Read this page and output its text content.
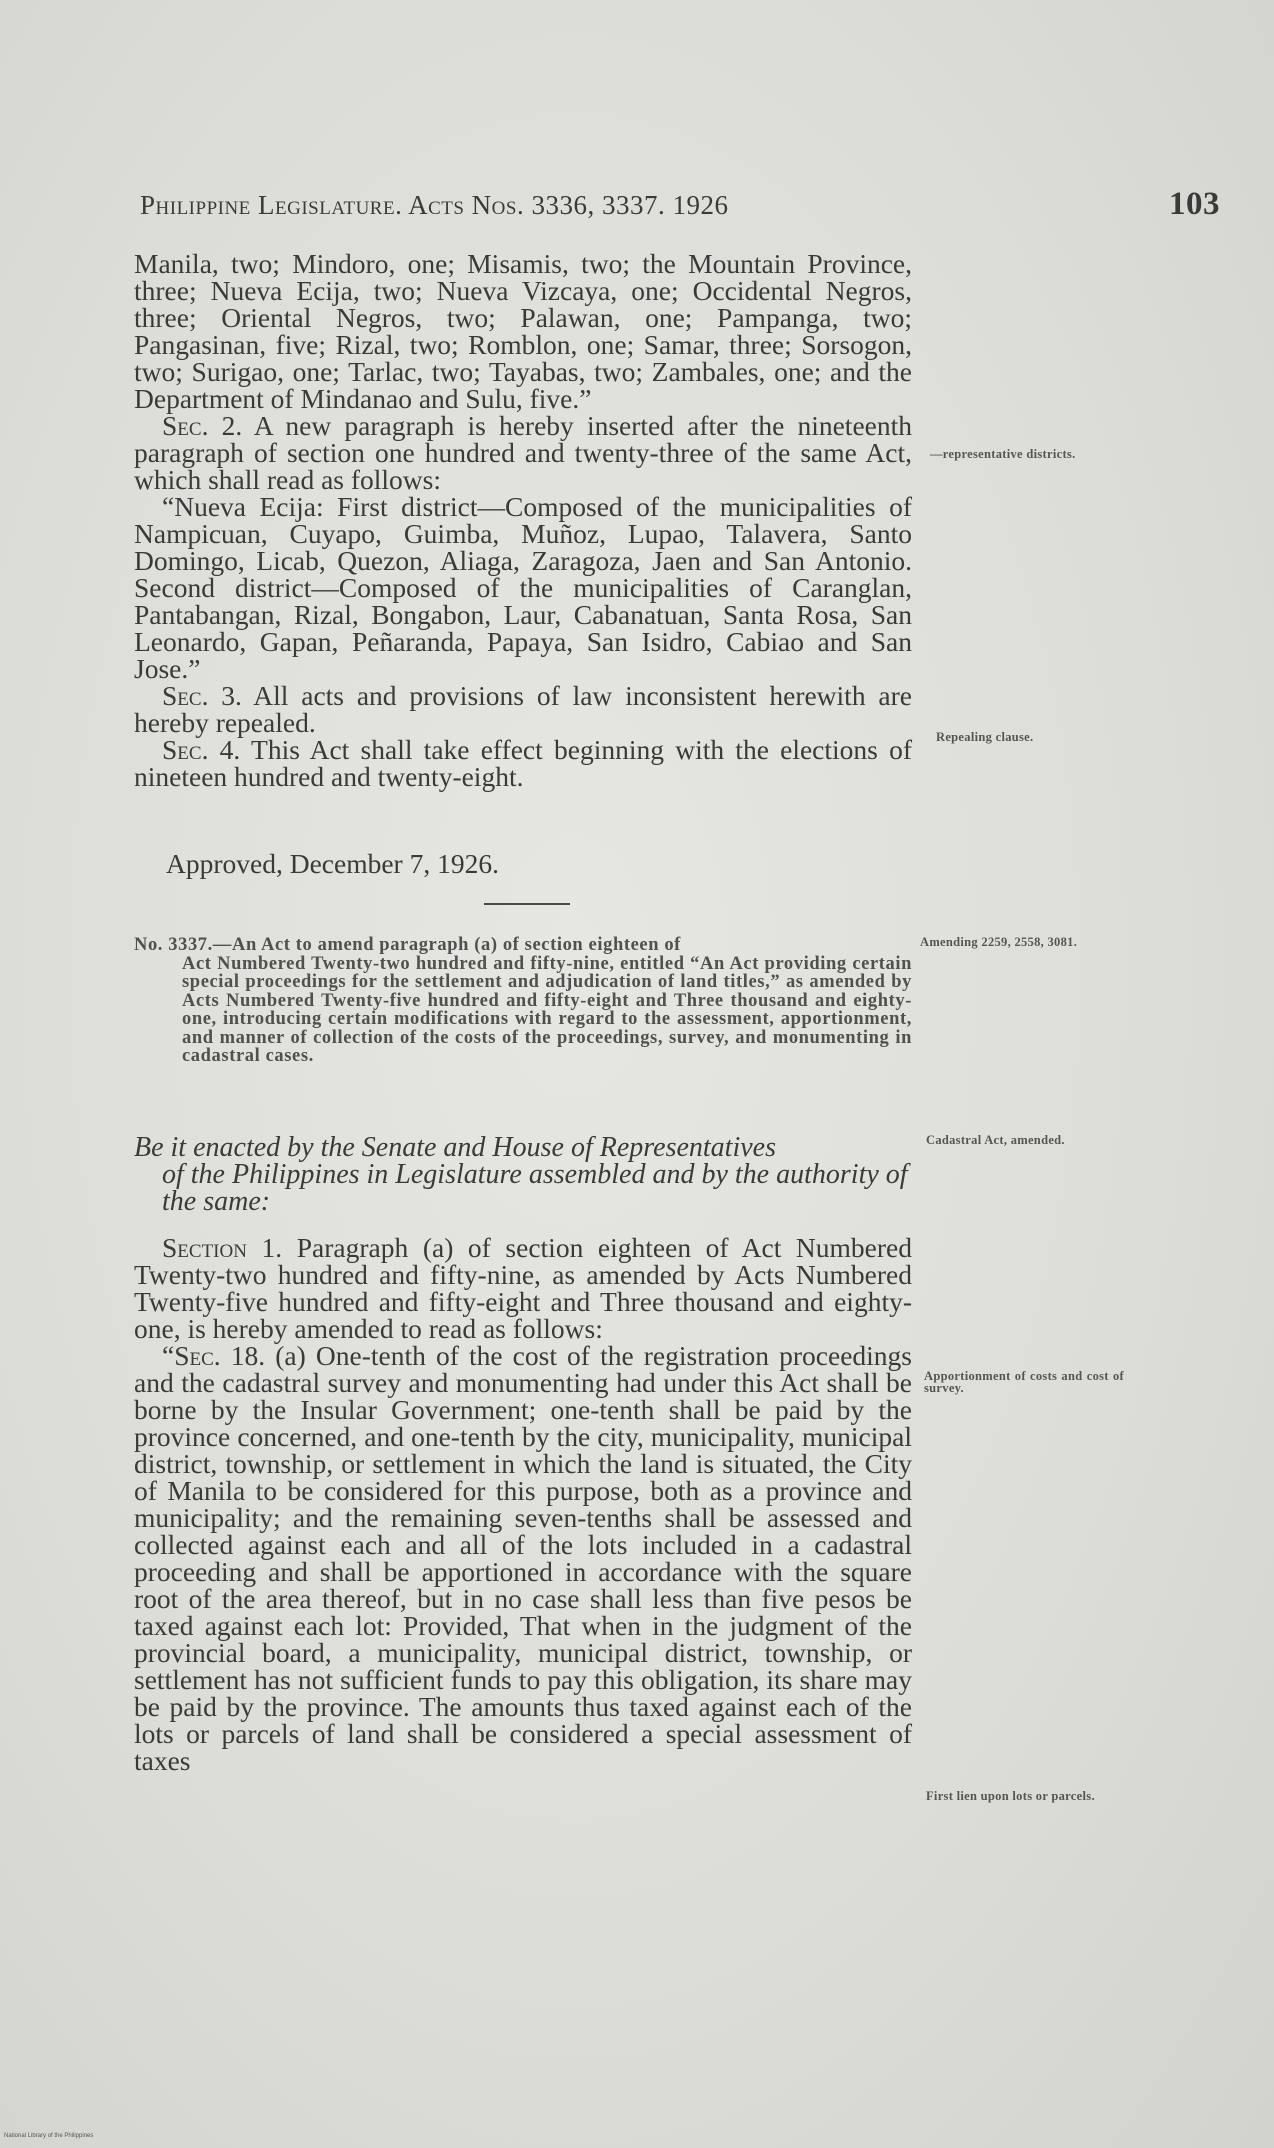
Philippine Legislature. Acts Nos. 3336, 3337. 1926	103

Manila, two; Mindoro, one; Misamis, two; the Mountain Province, three; Nueva Ecija, two; Nueva Vizcaya, one; Occidental Negros, three; Oriental Negros, two; Palawan, one; Pampanga, two; Pangasinan, five; Rizal, two; Romblon, one; Samar, three; Sorsogon, two; Surigao, one; Tarlac, two; Tayabas, two; Zambales, one; and the Department of Mindanao and Sulu, five.”

Sec. 2. A new paragraph is hereby inserted after the nineteenth paragraph of section one hundred and twenty-three of the same Act, which shall read as follows:

“Nueva Ecija: First district—Composed of the municipalities of Nampicuan, Cuyapo, Guimba, Muñoz, Lupao, Talavera, Santo Domingo, Licab, Quezon, Aliaga, Zaragoza, Jaen and San Antonio. Second district—Composed of the municipalities of Caranglan, Pantabangan, Rizal, Bongabon, Laur, Cabanatuan, Santa Rosa, San Leonardo, Gapan, Peñaranda, Papaya, San Isidro, Cabiao and San Jose.”

Sec. 3. All acts and provisions of law inconsistent herewith are hereby repealed.

Sec. 4. This Act shall take effect beginning with the elections of nineteen hundred and twenty-eight.

Approved, December 7, 1926.
No. 3337.—An Act to amend paragraph (a) of section eighteen of
Act Numbered Twenty-two hundred and fifty-nine, entitled “An Act providing certain special proceedings for the settlement and adjudication of land titles,” as amended by Acts Numbered Twenty-five hundred and fifty-eight and Three thousand and eighty-one, introducing certain modifications with regard to the assessment, apportionment, and manner of collection of the costs of the proceedings, survey, and monumenting in cadastral cases.
Be it enacted by the Senate and House of Representatives
of the Philippines in Legislature assembled and by the authority of the same:

Section 1. Paragraph (a) of section eighteen of Act Numbered Twenty-two hundred and fifty-nine, as amended by Acts Numbered Twenty-five hundred and fifty-eight and Three thousand and eighty-one, is hereby amended to read as follows:

“Sec. 18. (a) One-tenth of the cost of the registration proceedings and the cadastral survey and monumenting had under this Act shall be borne by the Insular Government; one-tenth shall be paid by the province concerned, and one-tenth by the city, municipality, municipal district, township, or settlement in which the land is situated, the City of Manila to be considered for this purpose, both as a province and municipality; and the remaining seven-tenths shall be assessed and collected against each and all of the lots included in a cadastral proceeding and shall be apportioned in accordance with the square root of the area thereof, but in no case shall less than five pesos be taxed against each lot: Provided, That when in the judgment of the provincial board, a municipality, municipal district, township, or settlement has not sufficient funds to pay this obligation, its share may be paid by the province. The amounts thus taxed against each of the lots or parcels of land shall be considered a special assessment of taxes

—representative districts.
Repealing clause.
Amending 2259, 2558, 3081.
Cadastral Act, amended.
Apportionment of costs and cost of survey.
First lien upon lots or parcels.
National Library of the Philippines
